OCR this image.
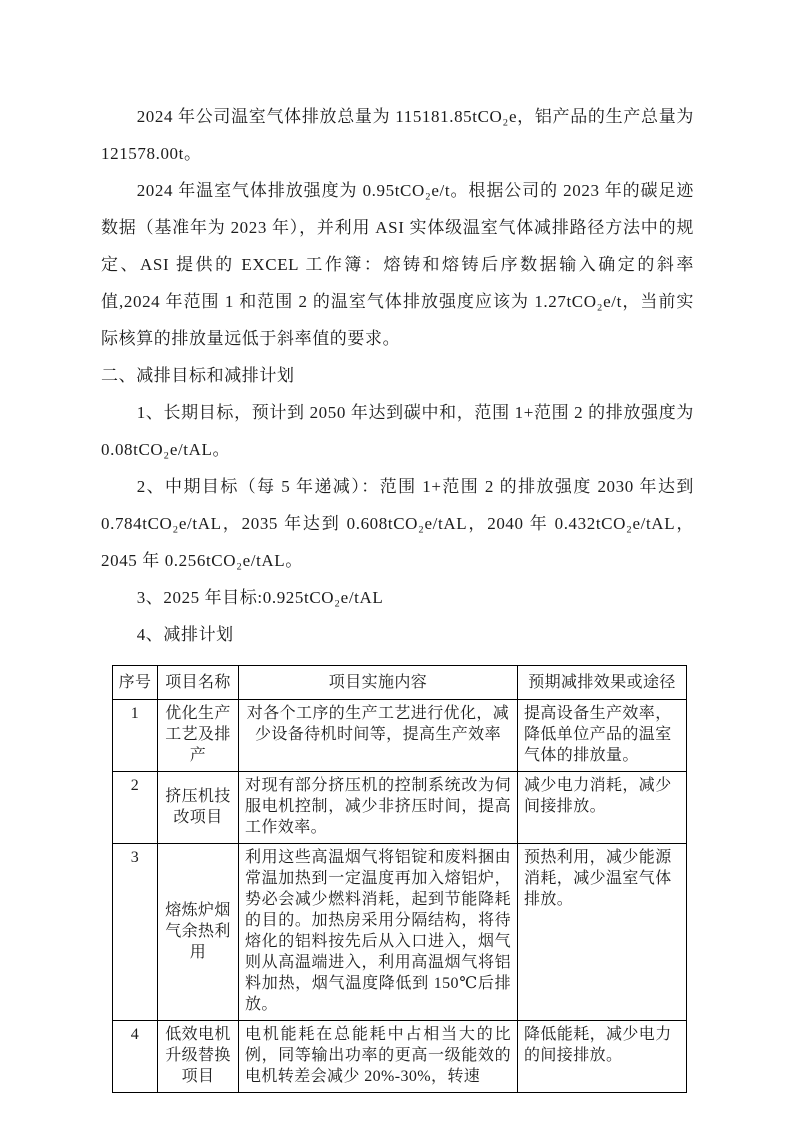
2024 年公司温室气体排放总量为 115181.85tCO₂e，铝产品的生产总量为 121578.00t。

2024 年温室气体排放强度为 0.95tCO₂e/t。根据公司的 2023 年的碳足迹数据（基准年为 2023 年），并利用 ASI 实体级温室气体减排路径方法中的规定、ASI 提供的 EXCEL 工作簿：熔铸和熔铸后序数据输入确定的斜率值,2024 年范围 1 和范围 2 的温室气体排放强度应该为 1.27tCO₂e/t，当前实际核算的排放量远低于斜率值的要求。

二、减排目标和减排计划

1、长期目标，预计到 2050 年达到碳中和，范围 1+范围 2 的排放强度为 0.08tCO₂e/tAL。

2、中期目标（每 5 年递减）：范围 1+范围 2 的排放强度 2030 年达到 0.784tCO₂e/tAL，2035 年达到 0.608tCO₂e/tAL，2040 年 0.432tCO₂e/tAL，2045 年 0.256tCO₂e/tAL。

3、2025 年目标:0.925tCO₂e/tAL

4、减排计划

序号	项目名称	项目实施内容	预期减排效果或途径
1	优化生产工艺及排产	对各个工序的生产工艺进行优化，减少设备待机时间等，提高生产效率	提高设备生产效率，降低单位产品的温室气体的排放量。
2	挤压机技改项目	对现有部分挤压机的控制系统改为伺服电机控制，减少非挤压时间，提高工作效率。	减少电力消耗，减少间接排放。
3	熔炼炉烟气余热利用	利用这些高温烟气将铝锭和废料捆由常温加热到一定温度再加入熔铝炉，势必会减少燃料消耗，起到节能降耗的目的。加热房采用分隔结构，将待熔化的铝料按先后从入口进入，烟气则从高温端进入，利用高温烟气将铝料加热，烟气温度降低到 150℃后排放。	预热利用，减少能源消耗，减少温室气体排放。
4	低效电机升级替换项目	电机能耗在总能耗中占相当大的比例，同等输出功率的更高一级能效的电机转差会减少 20%-30%，转速	降低能耗，减少电力的间接排放。
